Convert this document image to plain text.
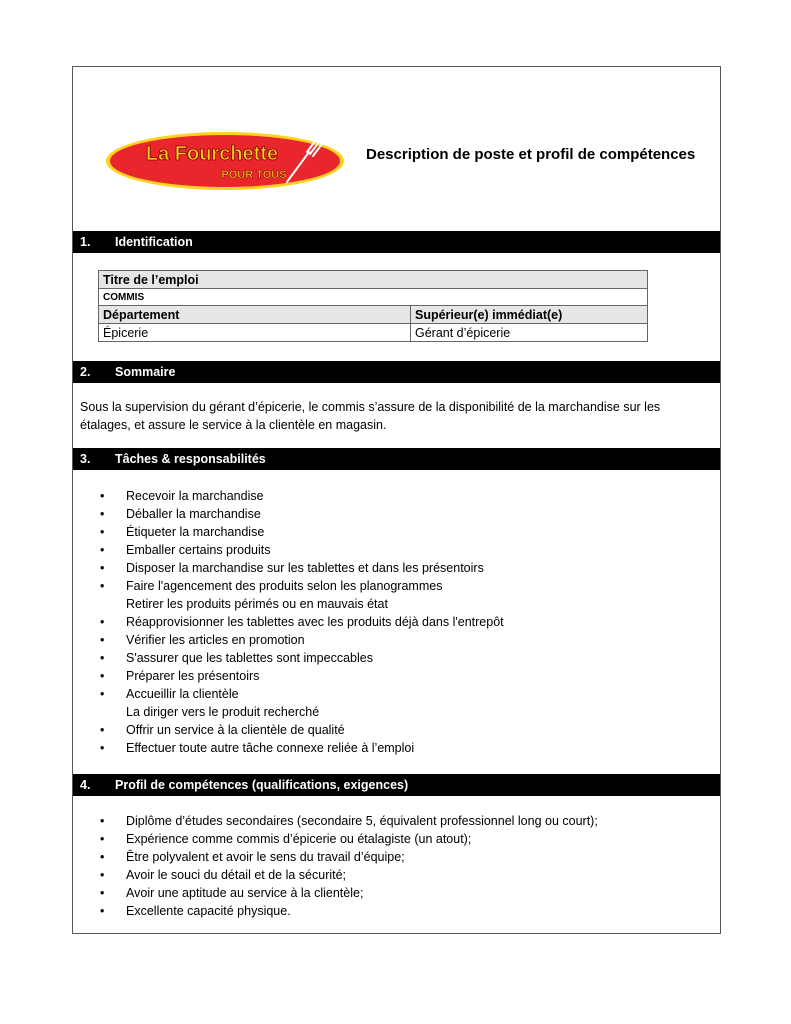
La Fourchette
POUR TOUS
Description de poste et profil de compétences
1. Identification
Titre de l’emploi	
COMMIS	
Département	Supérieur(e) immédiat(e)
Épicerie	Gérant d’épicerie
2. Sommaire
Sous la supervision du gérant d’épicerie, le commis s’assure de la disponibilité de la marchandise sur les étalages, et assure le service à la clientèle en magasin.
3. Tâches & responsabilités
• Recevoir la marchandise
• Déballer la marchandise
• Étiqueter la marchandise
• Emballer certains produits
• Disposer la marchandise sur les tablettes et dans les présentoirs
• Faire l'agencement des produits selon les planogrammes
Retirer les produits périmés ou en mauvais état
• Réapprovisionner les tablettes avec les produits déjà dans l'entrepôt
• Vérifier les articles en promotion
• S'assurer que les tablettes sont impeccables
• Préparer les présentoirs
• Accueillir la clientèle
La diriger vers le produit recherché
• Offrir un service à la clientèle de qualité
• Effectuer toute autre tâche connexe reliée à l’emploi
4. Profil de compétences (qualifications, exigences)
• Diplôme d’études secondaires (secondaire 5, équivalent professionnel long ou court);
• Expérience comme commis d’épicerie ou étalagiste (un atout);
• Être polyvalent et avoir le sens du travail d’équipe;
• Avoir le souci du détail et de la sécurité;
• Avoir une aptitude au service à la clientèle;
• Excellente capacité physique.
